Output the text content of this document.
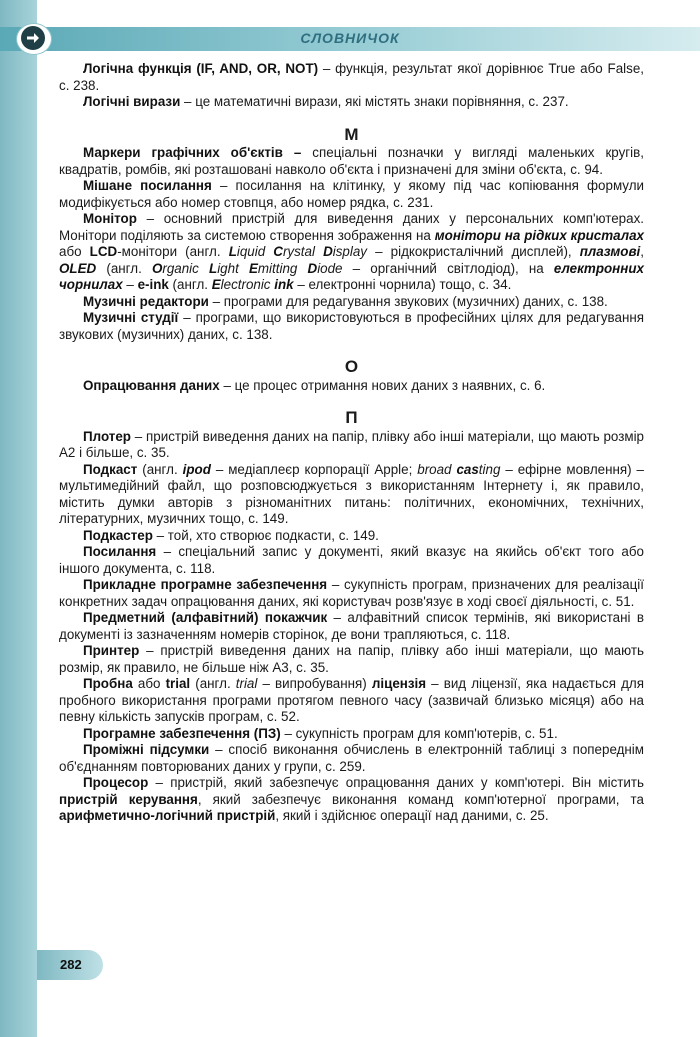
СЛОВНИЧОК

Логічна функція (IF, AND, OR, NOT) – функція, результат якої дорівнює True або False, с. 238.

Логічні вирази – це математичні вирази, які містять знаки порівняння, с. 237.

М

Маркери графічних об'єктів – спеціальні позначки у вигляді маленьких кругів, квадратів, ромбів, які розташовані навколо об'єкта і призначені для зміни об'єкта, с. 94.

Мішане посилання – посилання на клітинку, у якому під час копіювання формули модифікується або номер стовпця, або номер рядка, с. 231.

Монітор – основний пристрій для виведення даних у персональних комп'ютерах. Монітори поділяють за системою створення зображення на монітори на рідких кристалах або LCD-монітори (англ. Liquid Crystal Display – рідкокристалічний дисплей), плазмові, OLED (англ. Organic Light Emitting Diode – органічний світлодіод), на електронних чорнилах – e-ink (англ. Electronic ink – електронні чорнила) тощо, с. 34.

Музичні редактори – програми для редагування звукових (музичних) даних, с. 138.

Музичні студії – програми, що використовуються в професійних цілях для редагування звукових (музичних) даних, с. 138.

О

Опрацювання даних – це процес отримання нових даних з наявних, с. 6.

П

Плотер – пристрій виведення даних на папір, плівку або інші матеріали, що мають розмір А2 і більше, с. 35.

Подкаст (англ. ipod – медіаплеєр корпорації Apple; broad casting – ефірне мовлення) – мультимедійний файл, що розповсюджується з використанням Інтернету і, як правило, містить думки авторів з різноманітних питань: політичних, економічних, технічних, літературних, музичних тощо, с. 149.

Подкастер – той, хто створює подкасти, с. 149.

Посилання – спеціальний запис у документі, який вказує на якийсь об'єкт того або іншого документа, с. 118.

Прикладне програмне забезпечення – сукупність програм, призначених для реалізації конкретних задач опрацювання даних, які користувач розв'язує в ході своєї діяльності, с. 51.

Предметний (алфавітний) покажчик – алфавітний список термінів, які використані в документі із зазначенням номерів сторінок, де вони трапляються, с. 118.

Принтер – пристрій виведення даних на папір, плівку або інші матеріали, що мають розмір, як правило, не більше ніж А3, с. 35.

Пробна або trial (англ. trial – випробування) ліцензія – вид ліцензії, яка надається для пробного використання програми протягом певного часу (зазвичай близько місяця) або на певну кількість запусків програм, с. 52.

Програмне забезпечення (ПЗ) – сукупність програм для комп'ютерів, с. 51.

Проміжні підсумки – спосіб виконання обчислень в електронній таблиці з попереднім об'єднанням повторюваних даних у групи, с. 259.

Процесор – пристрій, який забезпечує опрацювання даних у комп'ютері. Він містить пристрій керування, який забезпечує виконання команд комп'ютерної програми, та арифметично-логічний пристрій, який і здійснює операції над даними, с. 25.

282
